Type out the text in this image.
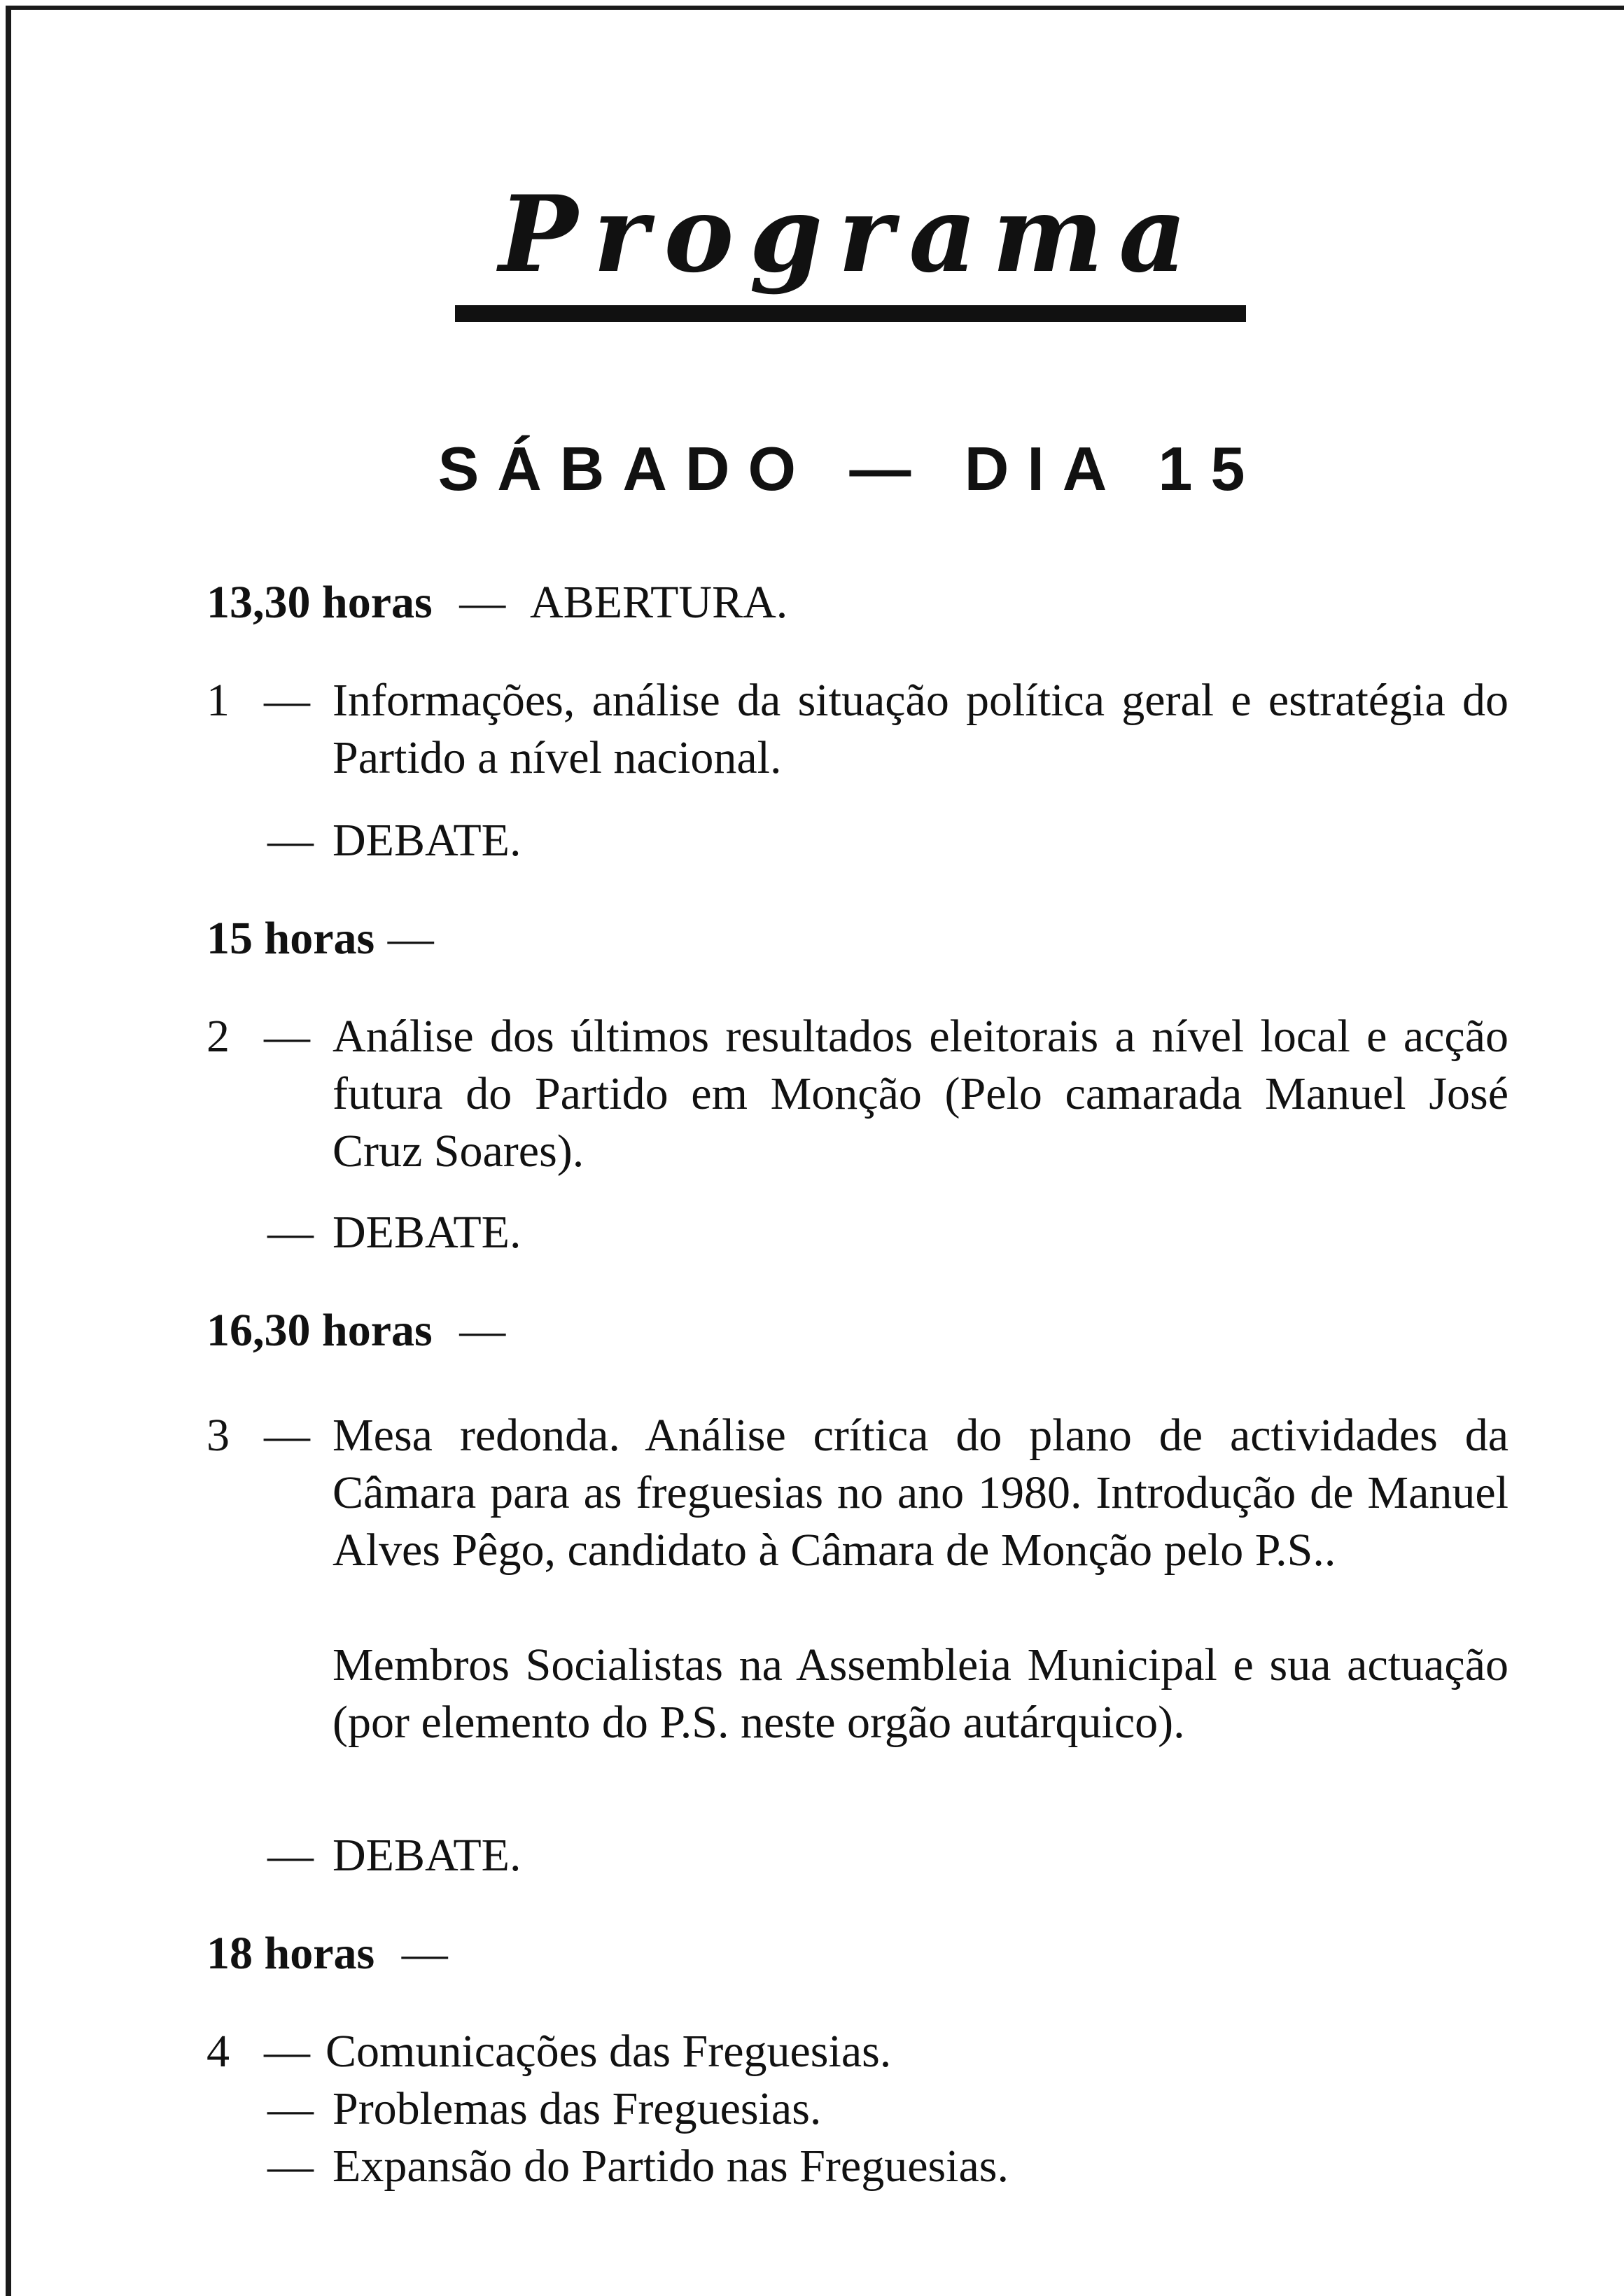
Programa
SÁBADO — DIA 15
13,30 horas — ABERTURA.
1 — Informações, análise da situação política geral e estratégia do Partido a nível nacional.
— DEBATE.
15 horas —
2 — Análise dos últimos resultados eleitorais a nível local e acção futura do Partido em Monção (Pelo camarada Manuel José Cruz Soares).
— DEBATE.
16,30 horas —
3 — Mesa redonda. Análise crítica do plano de actividades da Câmara para as freguesias no ano 1980. Introdução de Manuel Alves Pêgo, candidato à Câmara de Monção pelo P.S..
Membros Socialistas na Assembleia Municipal e sua actuação (por elemento do P.S. neste orgão autárquico).
— DEBATE.
18 horas —
4 — Comunicações das Freguesias.
— Problemas das Freguesias.
— Expansão do Partido nas Freguesias.
